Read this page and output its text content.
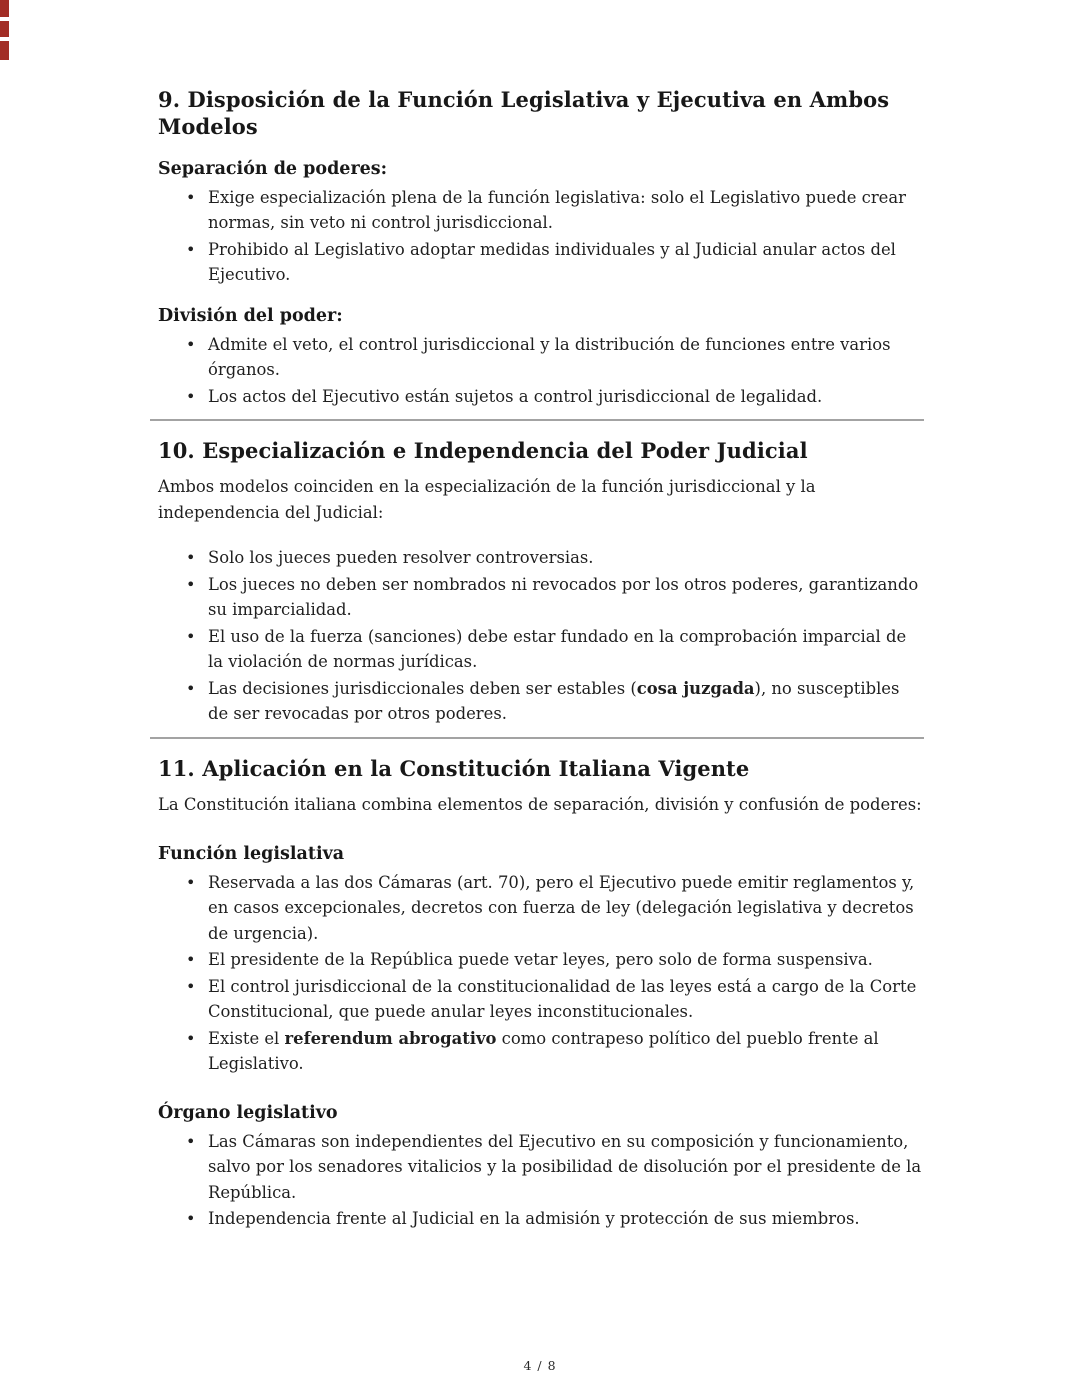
9. Disposición de la Función Legislativa y Ejecutiva en Ambos Modelos
Separación de poderes:
• Exige especialización plena de la función legislativa: solo el Legislativo puede crear normas, sin veto ni control jurisdiccional.
• Prohibido al Legislativo adoptar medidas individuales y al Judicial anular actos del Ejecutivo.
División del poder:
• Admite el veto, el control jurisdiccional y la distribución de funciones entre varios órganos.
• Los actos del Ejecutivo están sujetos a control jurisdiccional de legalidad.
10. Especialización e Independencia del Poder Judicial

Ambos modelos coinciden en la especialización de la función jurisdiccional y la independencia del Judicial:

• Solo los jueces pueden resolver controversias.
• Los jueces no deben ser nombrados ni revocados por los otros poderes, garantizando su imparcialidad.
• El uso de la fuerza (sanciones) debe estar fundado en la comprobación imparcial de la violación de normas jurídicas.
• Las decisiones jurisdiccionales deben ser estables (cosa juzgada), no susceptibles de ser revocadas por otros poderes.
11. Aplicación en la Constitución Italiana Vigente

La Constitución italiana combina elementos de separación, división y confusión de poderes:

Función legislativa
• Reservada a las dos Cámaras (art. 70), pero el Ejecutivo puede emitir reglamentos y, en casos excepcionales, decretos con fuerza de ley (delegación legislativa y decretos de urgencia).
• El presidente de la República puede vetar leyes, pero solo de forma suspensiva.
• El control jurisdiccional de la constitucionalidad de las leyes está a cargo de la Corte Constitucional, que puede anular leyes inconstitucionales.
• Existe el referendum abrogativo como contrapeso político del pueblo frente al Legislativo.
Órgano legislativo
• Las Cámaras son independientes del Ejecutivo en su composición y funcionamiento, salvo por los senadores vitalicios y la posibilidad de disolución por el presidente de la República.
• Independencia frente al Judicial en la admisión y protección de sus miembros.
4 / 8
